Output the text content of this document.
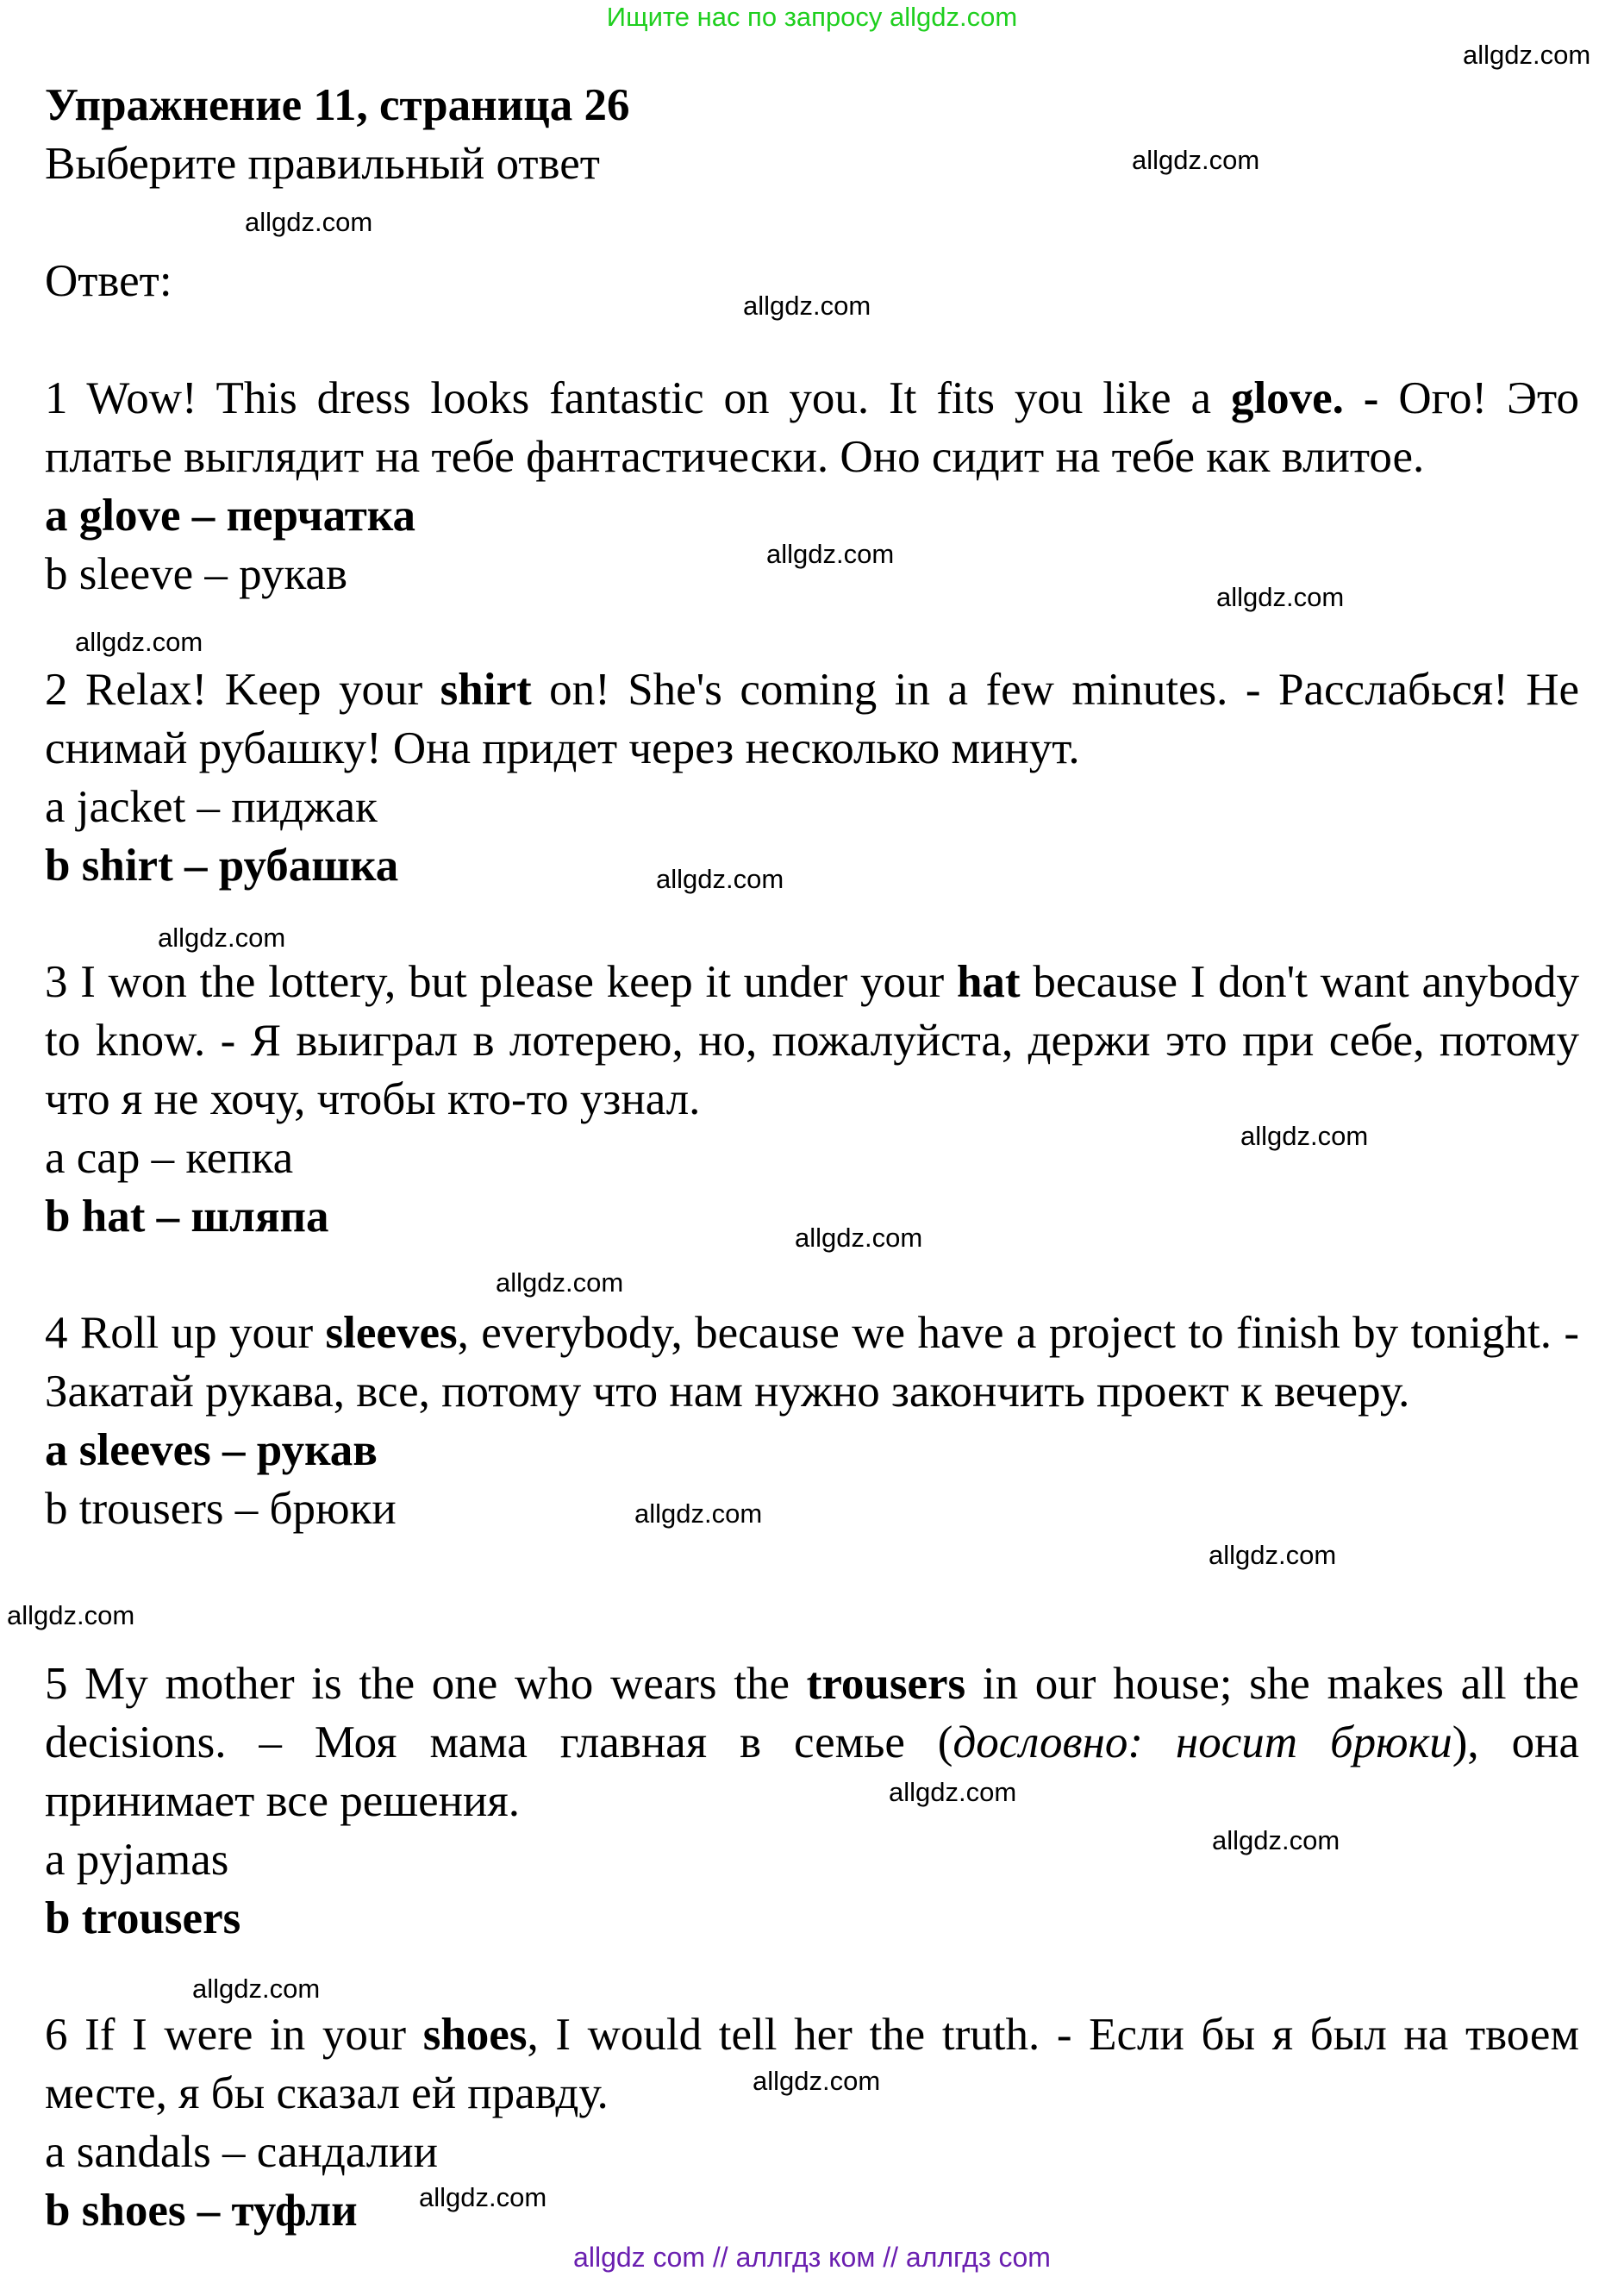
Ищите нас по запросу allgdz.com
Упражнение 11, страница 26
Выберите правильный ответ
Ответ:

1 Wow! This dress looks fantastic on you. It fits you like a glove. - Ого! Это платье выглядит на тебе фантастически. Оно сидит на тебе как влитое.

a glove – перчатка

b sleeve – рукав

2 Relax! Keep your shirt on! She's coming in a few minutes. - Расслабься! Не снимай рубашку! Она придет через несколько минут.

a jacket – пиджак

b shirt – рубашка

3 I won the lottery, but please keep it under your hat because I don't want anybody to know. - Я выиграл в лотерею, но, пожалуйста, держи это при себе, потому что я не хочу, чтобы кто-то узнал.

a cap – кепка

b hat – шляпа

4 Roll up your sleeves, everybody, because we have a project to finish by tonight. - Закатай рукава, все, потому что нам нужно закончить проект к вечеру.

a sleeves – рукав

b trousers – брюки

5 My mother is the one who wears the trousers in our house; she makes all the decisions. – Моя мама главная в семье (дословно: носит брюки), она принимает все решения.

a pyjamas

b trousers

6 If I were in your shoes, I would tell her the truth. - Если бы я был на твоем месте, я бы сказал ей правду.

a sandals – сандалии

b shoes – туфли

allgdz.com
allgdz.com
allgdz.com
allgdz.com
allgdz.com
allgdz.com
allgdz.com
allgdz.com
allgdz.com
allgdz.com
allgdz.com
allgdz.com
allgdz.com
allgdz.com
allgdz.com
allgdz.com
allgdz.com
allgdz.com
allgdz.com
allgdz.com
allgdz com // аллгдз ком // аллгдз com
